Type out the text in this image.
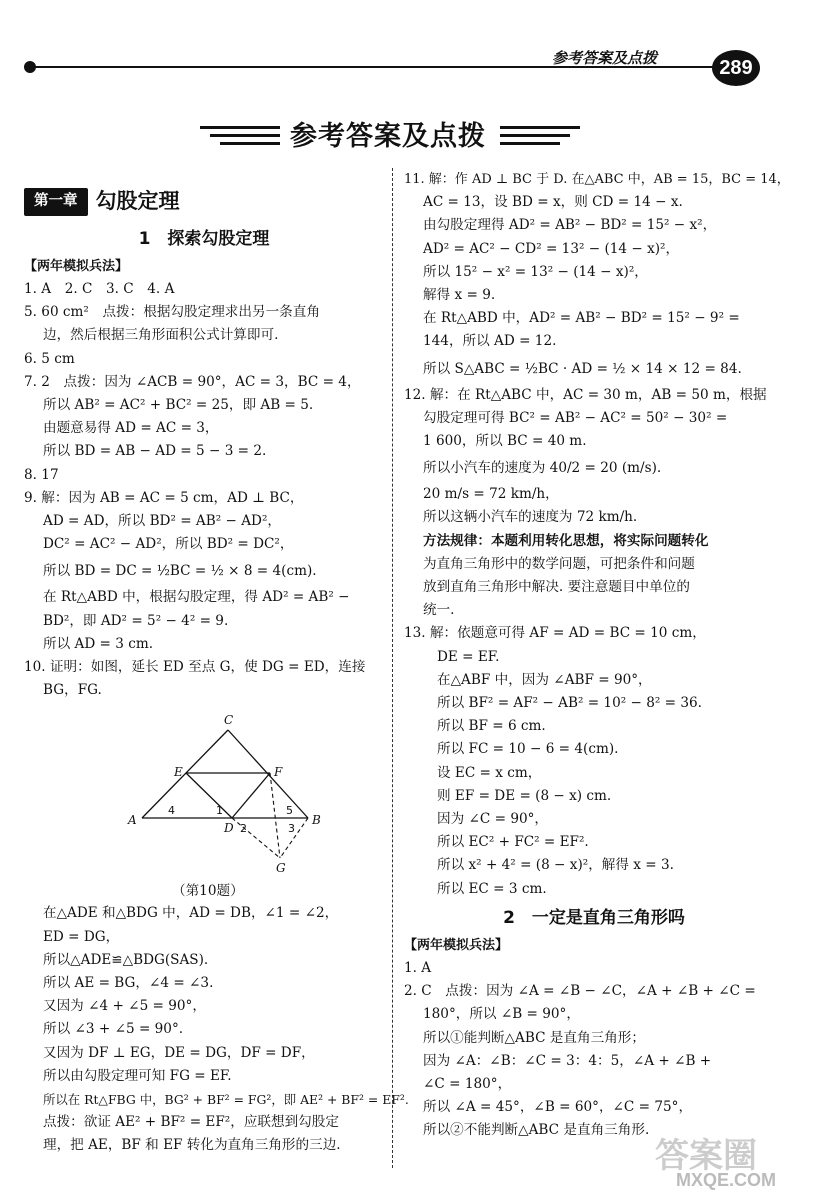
参考答案及点拨	289
参考答案及点拨
第一章 勾股定理
1　探索勾股定理
【两年模拟兵法】
1. A　2. C　3. C　4. A
5. 60 cm²　点拨：根据勾股定理求出另一条直角
边，然后根据三角形面积公式计算即可.
6. 5 cm
7. 2　点拨：因为 ∠ACB = 90°，AC = 3，BC = 4，
所以 AB² = AC² + BC² = 25，即 AB = 5.
由题意易得 AD = AC = 3，
所以 BD = AB − AD = 5 − 3 = 2.
8. 17
9. 解：因为 AB = AC = 5 cm，AD ⊥ BC，
AD = AD，所以 BD² = AB² − AD²，
DC² = AC² − AD²，所以 BD² = DC²，
所以 BD = DC = ½BC = ½ × 8 = 4(cm).
在 Rt△ABD 中，根据勾股定理，得 AD² = AB² −
BD²，即 AD² = 5² − 4² = 9.
所以 AD = 3 cm.
10. 证明：如图，延长 ED 至点 G，使 DG = ED，连接
BG，FG.
C
E	F
A
D
B
G
4	1
2
5
3
（第10题）
在△ADE 和△BDG 中，AD = DB，∠1 = ∠2，
ED = DG，
所以△ADE≌△BDG(SAS).
所以 AE = BG，∠4 = ∠3.
又因为 ∠4 + ∠5 = 90°，
所以 ∠3 + ∠5 = 90°.
又因为 DF ⊥ EG，DE = DG，DF = DF，
所以由勾股定理可知 FG = EF.
所以在 Rt△FBG 中，BG² + BF² = FG²，即 AE² + BF² = EF².
点拨：欲证 AE² + BF² = EF²，应联想到勾股定
理，把 AE，BF 和 EF 转化为直角三角形的三边.
11. 解：作 AD ⊥ BC 于 D. 在△ABC 中，AB = 15，BC = 14，
AC = 13，设 BD = x，则 CD = 14 − x.
由勾股定理得 AD² = AB² − BD² = 15² − x²，
AD² = AC² − CD² = 13² − (14 − x)²，
所以 15² − x² = 13² − (14 − x)²，
解得 x = 9.
在 Rt△ABD 中，AD² = AB² − BD² = 15² − 9² =
144，所以 AD = 12.
所以 S△ABC = ½BC · AD = ½ × 14 × 12 = 84.
12. 解：在 Rt△ABC 中，AC = 30 m，AB = 50 m，根据
勾股定理可得 BC² = AB² − AC² = 50² − 30² =
1 600，所以 BC = 40 m.
所以小汽车的速度为 40/2 = 20 (m/s).
20 m/s = 72 km/h，
所以这辆小汽车的速度为 72 km/h.
方法规律：本题利用转化思想，将实际问题转化
为直角三角形中的数学问题，可把条件和问题
放到直角三角形中解决. 要注意题目中单位的
统一.
13. 解：依题意可得 AF = AD = BC = 10 cm，
DE = EF.
在△ABF 中，因为 ∠ABF = 90°，
所以 BF² = AF² − AB² = 10² − 8² = 36.
所以 BF = 6 cm.
所以 FC = 10 − 6 = 4(cm).
设 EC = x cm，
则 EF = DE = (8 − x) cm.
因为 ∠C = 90°，
所以 EC² + FC² = EF².
所以 x² + 4² = (8 − x)²，解得 x = 3.
所以 EC = 3 cm.
2　一定是直角三角形吗
【两年模拟兵法】
1. A
2. C　点拨：因为 ∠A = ∠B − ∠C，∠A + ∠B + ∠C =
180°，所以 ∠B = 90°，
所以①能判断△ABC 是直角三角形；
因为 ∠A：∠B：∠C = 3：4：5，∠A + ∠B +
∠C = 180°，
所以 ∠A = 45°，∠B = 60°，∠C = 75°，
所以②不能判断△ABC 是直角三角形.
答案圈
MXQE.COM
